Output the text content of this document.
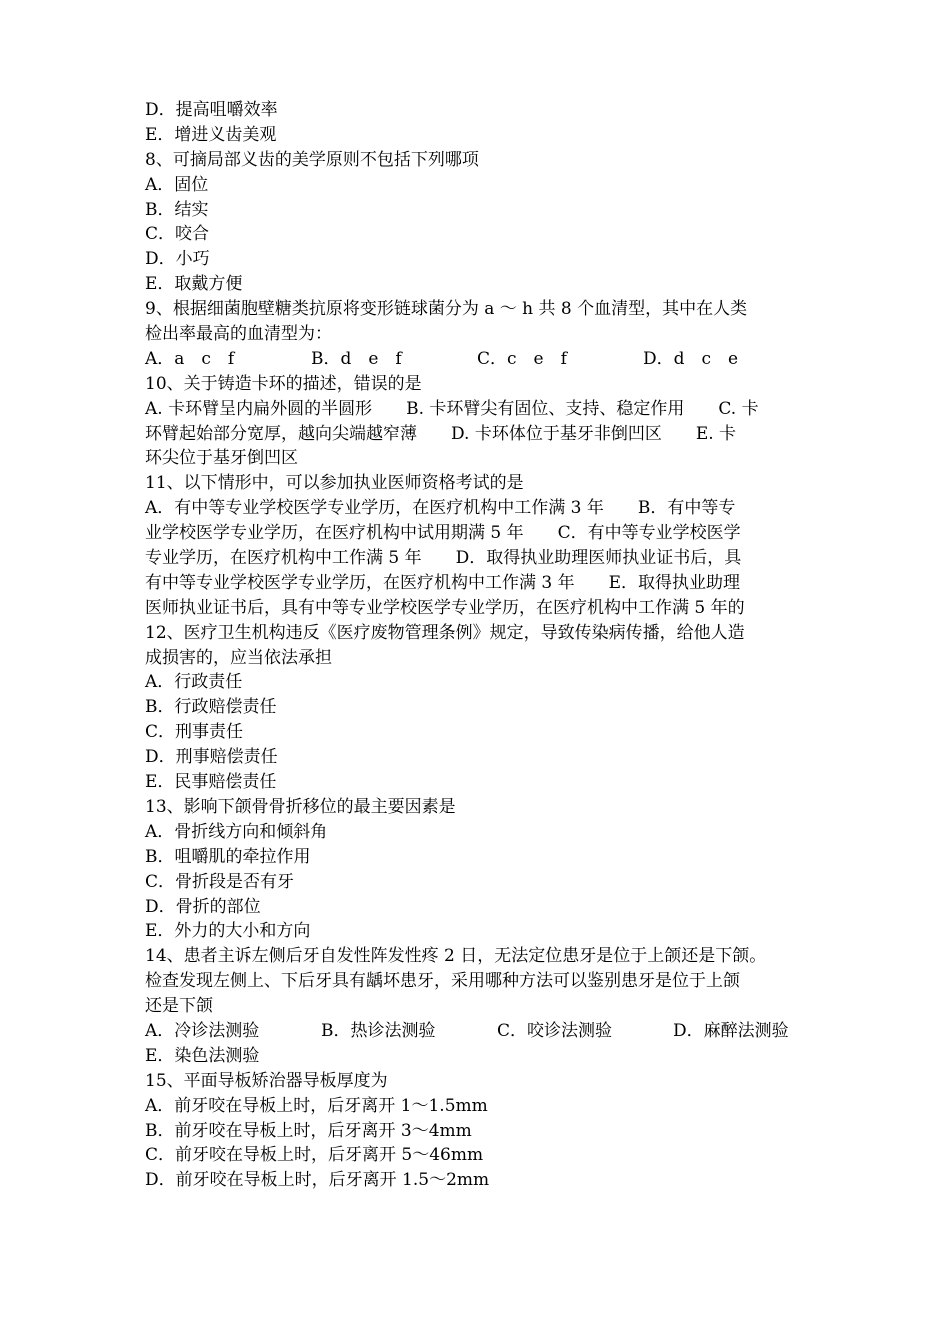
D．提高咀嚼效率
E．增进义齿美观
8、可摘局部义齿的美学原则不包括下列哪项
A．固位
B．结实
C．咬合
D．小巧
E．取戴方便
9、根据细菌胞壁糖类抗原将变形链球菌分为 a ～ h 共 8 个血清型，其中在人类
检出率最高的血清型为：
A．a　c　f	B．d　e　f	C．c　e　f	D．d　c　e
10、关于铸造卡环的描述，错误的是
A. 卡环臂呈内扁外圆的半圆形　　B. 卡环臂尖有固位、支持、稳定作用　　C. 卡
环臂起始部分宽厚，越向尖端越窄薄　　D. 卡环体位于基牙非倒凹区　　E. 卡
环尖位于基牙倒凹区
11、以下情形中，可以参加执业医师资格考试的是
A．有中等专业学校医学专业学历，在医疗机构中工作满 3 年　　B．有中等专
业学校医学专业学历，在医疗机构中试用期满 5 年　　C．有中等专业学校医学
专业学历，在医疗机构中工作满 5 年　　D．取得执业助理医师执业证书后，具
有中等专业学校医学专业学历，在医疗机构中工作满 3 年　　E．取得执业助理
医师执业证书后，具有中等专业学校医学专业学历，在医疗机构中工作满 5 年的
12、医疗卫生机构违反《医疗废物管理条例》规定，导致传染病传播，给他人造
成损害的，应当依法承担
A．行政责任
B．行政赔偿责任
C．刑事责任
D．刑事赔偿责任
E．民事赔偿责任
13、影响下颌骨骨折移位的最主要因素是
A．骨折线方向和倾斜角
B．咀嚼肌的牵拉作用
C．骨折段是否有牙
D．骨折的部位
E．外力的大小和方向
14、患者主诉左侧后牙自发性阵发性疼 2 日，无法定位患牙是位于上颌还是下颌。
检查发现左侧上、下后牙具有龋坏患牙，采用哪种方法可以鉴别患牙是位于上颌
还是下颌
A．冷诊法测验	B．热诊法测验	C．咬诊法测验	D．麻醉法测验
E．染色法测验
15、平面导板矫治器导板厚度为
A．前牙咬在导板上时，后牙离开 1～1.5mm
B．前牙咬在导板上时，后牙离开 3～4mm
C．前牙咬在导板上时，后牙离开 5～46mm
D．前牙咬在导板上时，后牙离开 1.5～2mm
